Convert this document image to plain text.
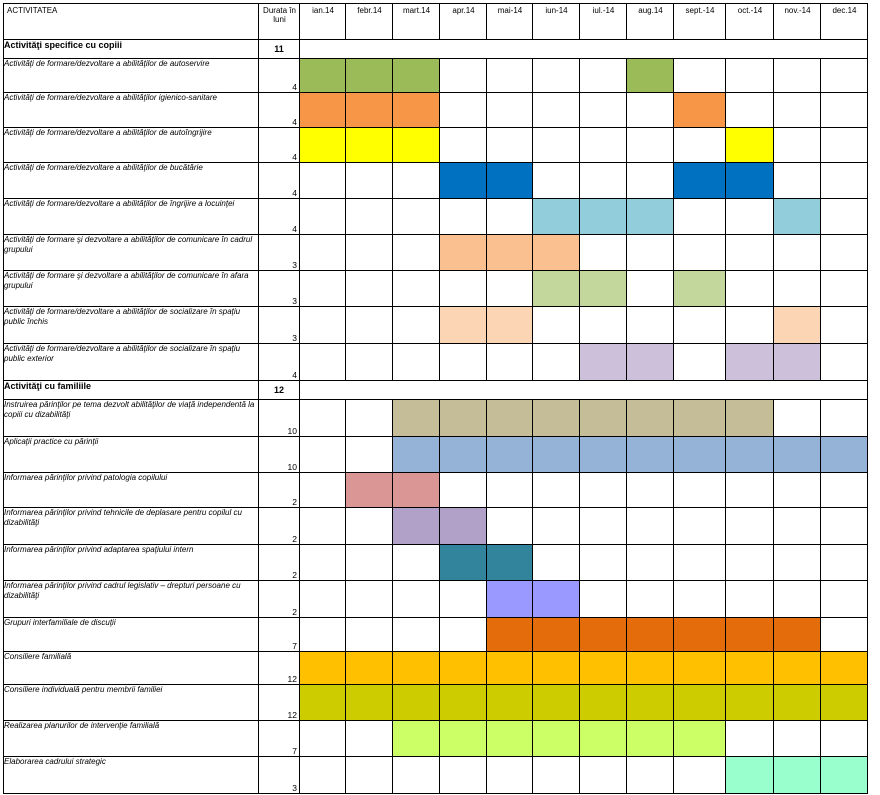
ACTIVITATEA	Durata în luni	ian.14	febr.14	mart.14	apr.14	mai-14	iun-14	iul.-14	aug.14	sept.-14	oct.-14	nov.-14	dec.14
Activităţi specifice cu copiii	11												
Activităţi de formare/dezvoltare a abilităţilor de autoservire	4												
Activităţi de formare/dezvoltare a abilităţilor igienico-sanitare	4												
Activităţi de formare/dezvoltare a abilităţilor de autoîngrijire	4												
Activităţi de formare/dezvoltare a abilităţilor de bucătărie	4												
Activităţi de formare/dezvoltare a abilităţilor de îngrijire a locuinţei	4												
Activităţi de formare şi dezvoltare a abilităţilor de comunicare în cadrul grupului	3												
Activităţi de formare şi dezvoltare a abilităţilor de comunicare în afara grupului	3												
Activităţi de formare/dezvoltare a abilităţilor de socializare în spaţiu public închis	3												
Activităţi de formare/dezvoltare a abilităţilor de socializare în spaţiu public exterior	4												
Activităţi cu familiile	12												
Instruirea părinţilor pe tema dezvolt abilităţilor de viaţă independentă la copiii cu dizabilităţi	10												
Aplicaţii practice cu părinţii	10												
Informarea părinţilor privind patologia copilului	2												
Informarea părinţilor privind tehnicile de deplasare pentru copilul cu dizabilităţi	2												
Informarea părinţilor privind adaptarea spaţiului intern	2												
Informarea părinţilor privind cadrul legislativ – drepturi persoane cu dizabilităţi	2												
Grupuri interfamiliale de discuţii	7												
Consiliere familială	12												
Consiliere individuală pentru membrii familiei	12												
Realizarea planurilor de intervenţie familială	7												
Elaborarea cadrului strategic	3												
